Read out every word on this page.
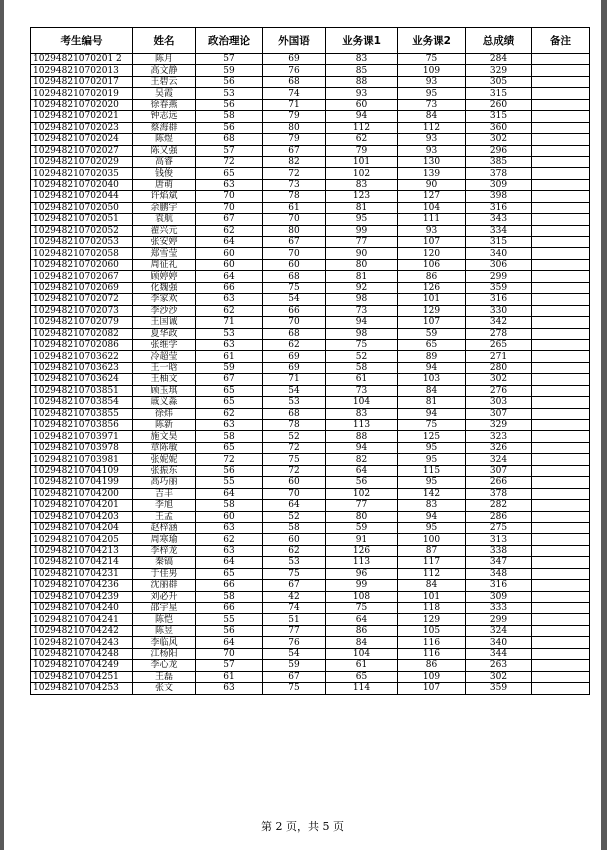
考生编号	姓名	政治理论	外国语	业务课1	业务课2	总成绩	备注
10294821070201 2	陈月	57	69	83	75	284	
102948210702013	高文静	59	76	85	109	329	
102948210702017	王碧云	56	68	88	93	305	
102948210702019	吴霞	53	74	93	95	315	
102948210702020	徐春燕	56	71	60	73	260	
102948210702021	钟志远	58	79	94	84	315	
102948210702023	蔡海群	56	80	112	112	360	
102948210702024	陈煜	68	79	62	93	302	
102948210702027	陈又强	57	67	79	93	296	
102948210702029	高睿	72	82	101	130	385	
102948210702035	钱俊	65	72	102	139	378	
102948210702040	唐萌	63	73	83	90	309	
102948210702044	许焰斌	70	78	123	127	398	
102948210702050	余鹏宇	70	61	81	104	316	
102948210702051	袁航	67	70	95	111	343	
102948210702052	翟兴元	62	80	99	93	334	
102948210702053	张安婷	64	67	77	107	315	
102948210702058	郑雪莹	60	70	90	120	340	
102948210702060	周征礼	60	60	80	106	306	
102948210702067	顾婷婷	64	68	81	86	299	
102948210702069	化魏强	66	75	92	126	359	
102948210702072	李家欢	63	54	98	101	316	
102948210702073	李沙沙	62	66	73	129	330	
102948210702079	王国诚	71	70	94	107	342	
102948210702082	夏华政	53	68	98	59	278	
102948210702086	张维学	63	62	75	65	265	
102948210703622	冷超莹	61	69	52	89	271	
102948210703623	王一晗	59	69	58	94	280	
102948210703624	王柚文	67	71	61	103	302	
102948210703851	顾玉琪	65	54	73	84	276	
102948210703854	戚义淼	65	53	104	81	303	
102948210703855	徐炜	62	68	83	94	307	
102948210703856	陈新	63	78	113	75	329	
102948210703971	施文昊	58	52	88	125	323	
102948210703978	章陈敏	65	72	94	95	326	
102948210703981	张妮妮	72	75	82	95	324	
102948210704109	张振东	56	72	64	115	307	
102948210704199	高巧丽	55	60	56	95	266	
102948210704200	吉丰	64	70	102	142	378	
102948210704201	李旭	58	64	77	83	282	
102948210704203	王孟	60	52	80	94	286	
102948210704204	赵梓涵	63	58	59	95	275	
102948210704205	周寒瑜	62	60	91	100	313	
102948210704213	李梓龙	63	62	126	87	338	
102948210704214	秦镐	64	53	113	117	347	
102948210704231	于佳男	65	75	96	112	348	
102948210704236	沈丽群	66	67	99	84	316	
102948210704239	刘必升	58	42	108	101	309	
102948210704240	邵宇星	66	74	75	118	333	
102948210704241	陈恺	55	51	64	129	299	
102948210704242	陈昱	56	77	86	105	324	
102948210704243	李临风	64	76	84	116	340	
102948210704248	江杨阳	70	54	104	116	344	
102948210704249	李心龙	57	59	61	86	263	
102948210704251	王磊	61	67	65	109	302	
102948210704253	张文	63	75	114	107	359	
第 2 页，共 5 页
